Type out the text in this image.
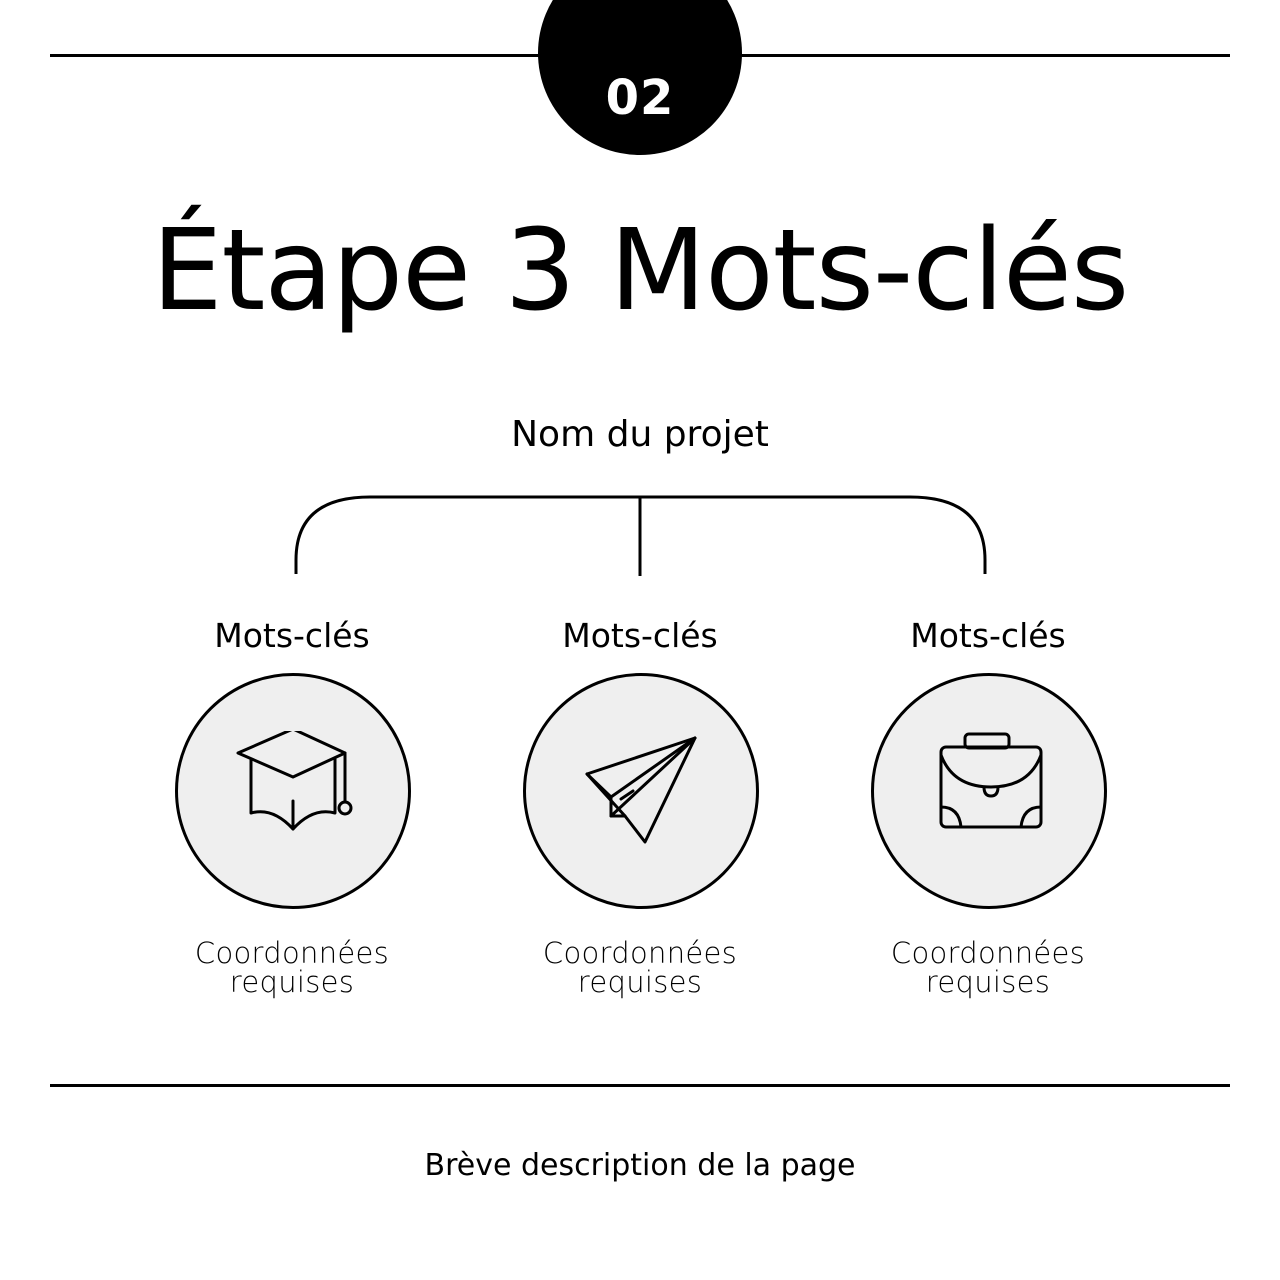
02
Étape 3 Mots-clés
Nom du projet
Mots-clés
Coordonnées
requises
Mots-clés
Coordonnées
requises
Mots-clés
Coordonnées
requises
Brève description de la page
